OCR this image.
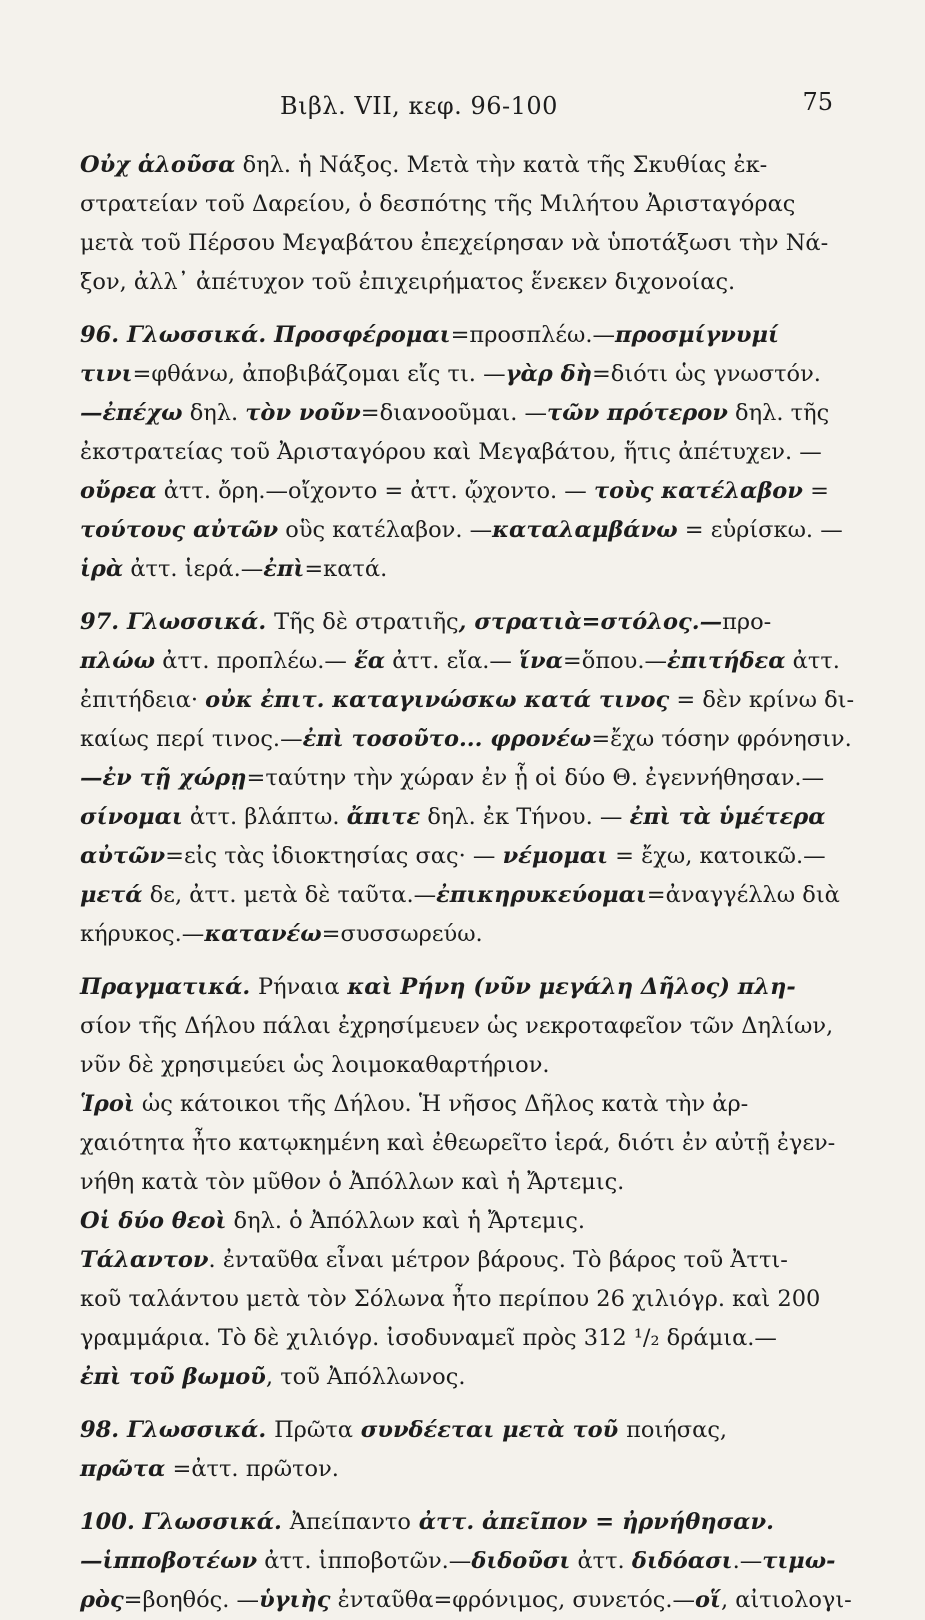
Βιβλ. VII, κεφ. 96-100	75
Οὐχ ἁλοῦσα δηλ. ἡ Νάξος. Μετὰ τὴν κατὰ τῆς Σκυθίας ἐκ-
στρατείαν τοῦ Δαρείου, ὁ δεσπότης τῆς Μιλήτου Ἀρισταγόρας
μετὰ τοῦ Πέρσου Μεγαβάτου ἐπεχείρησαν νὰ ὑποτάξωσι τὴν Νά-
ξον, ἀλλ᾽ ἀπέτυχον τοῦ ἐπιχειρήματος ἕνεκεν διχονοίας.
96. Γλωσσικά. Προσφέρομαι=προσπλέω.—προσμίγνυμί
τινι=φθάνω, ἀποβιβάζομαι εἴς τι. —γὰρ δὴ=διότι ὡς γνωστόν.
—ἐπέχω δηλ. τὸν νοῦν=διανοοῦμαι. —τῶν πρότερον δηλ. τῆς
ἐκστρατείας τοῦ Ἀρισταγόρου καὶ Μεγαβάτου, ἥτις ἀπέτυχεν. —
οὔρεα ἀττ. ὄρη.—οἴχοντο = ἀττ. ᾤχοντο. — τοὺς κατέλαβον =
τούτους αὐτῶν οὓς κατέλαβον. —καταλαμβάνω = εὑρίσκω. —
ἱρὰ ἀττ. ἱερά.—ἐπὶ=κατά.
97. Γλωσσικά. Τῆς δὲ στρατιῆς, στρατιὰ=στόλος.—προ-
πλώω ἀττ. προπλέω.— ἕα ἀττ. εἴα.— ἵνα=ὅπου.—ἐπιτήδεα ἀττ.
ἐπιτήδεια· οὐκ ἐπιτ. καταγινώσκω κατά τινος = δὲν κρίνω δι-
καίως περί τινος.—ἐπὶ τοσοῦτο... φρονέω=ἔχω τόσην φρόνησιν.
—ἐν τῇ χώρῃ=ταύτην τὴν χώραν ἐν ᾗ οἱ δύο Θ. ἐγεννήθησαν.—
σίνομαι ἀττ. βλάπτω. ἄπιτε δηλ. ἐκ Τήνου. — ἐπὶ τὰ ὑμέτερα
αὐτῶν=εἰς τὰς ἰδιοκτησίας σας· — νέμομαι = ἔχω, κατοικῶ.—
μετά δε, ἀττ. μετὰ δὲ ταῦτα.—ἐπικηρυκεύομαι=ἀναγγέλλω διὰ
κήρυκος.—κατανέω=συσσωρεύω.
Πραγματικά. Ρήναια καὶ Ρήνη (νῦν μεγάλη Δῆλος) πλη-
σίον τῆς Δήλου πάλαι ἐχρησίμευεν ὡς νεκροταφεῖον τῶν Δηλίων,
νῦν δὲ χρησιμεύει ὡς λοιμοκαθαρτήριον.
Ἱροὶ ὡς κάτοικοι τῆς Δήλου. Ἡ νῆσος Δῆλος κατὰ τὴν ἀρ-
χαιότητα ἦτο κατῳκημένη καὶ ἐθεωρεῖτο ἱερά, διότι ἐν αὐτῇ ἐγεν-
νήθη κατὰ τὸν μῦθον ὁ Ἀπόλλων καὶ ἡ Ἄρτεμις.
Οἱ δύο θεοὶ δηλ. ὁ Ἀπόλλων καὶ ἡ Ἄρτεμις.
Τάλαντον. ἐνταῦθα εἶναι μέτρον βάρους. Τὸ βάρος τοῦ Ἀττι-
κοῦ ταλάντου μετὰ τὸν Σόλωνα ἦτο περίπου 26 χιλιόγρ. καὶ 200
γραμμάρια. Τὸ δὲ χιλιόγρ. ἰσοδυναμεῖ πρὸς 312 ¹/₂ δράμια.—
ἐπὶ τοῦ βωμοῦ, τοῦ Ἀπόλλωνος.
98. Γλωσσικά. Πρῶτα συνδέεται μετὰ τοῦ ποιήσας,
πρῶτα =ἀττ. πρῶτον.
100. Γλωσσικά. Ἀπείπαντο ἀττ. ἀπεῖπον = ἠρνήθησαν.
—ἱπποβοτέων ἀττ. ἱπποβοτῶν.—διδοῦσι ἀττ. διδόασι.—τιμω-
ρὸς=βοηθός. —ὑγιὴς ἐνταῦθα=φρόνιμος, συνετός.—οἵ, αἰτιολογι-
